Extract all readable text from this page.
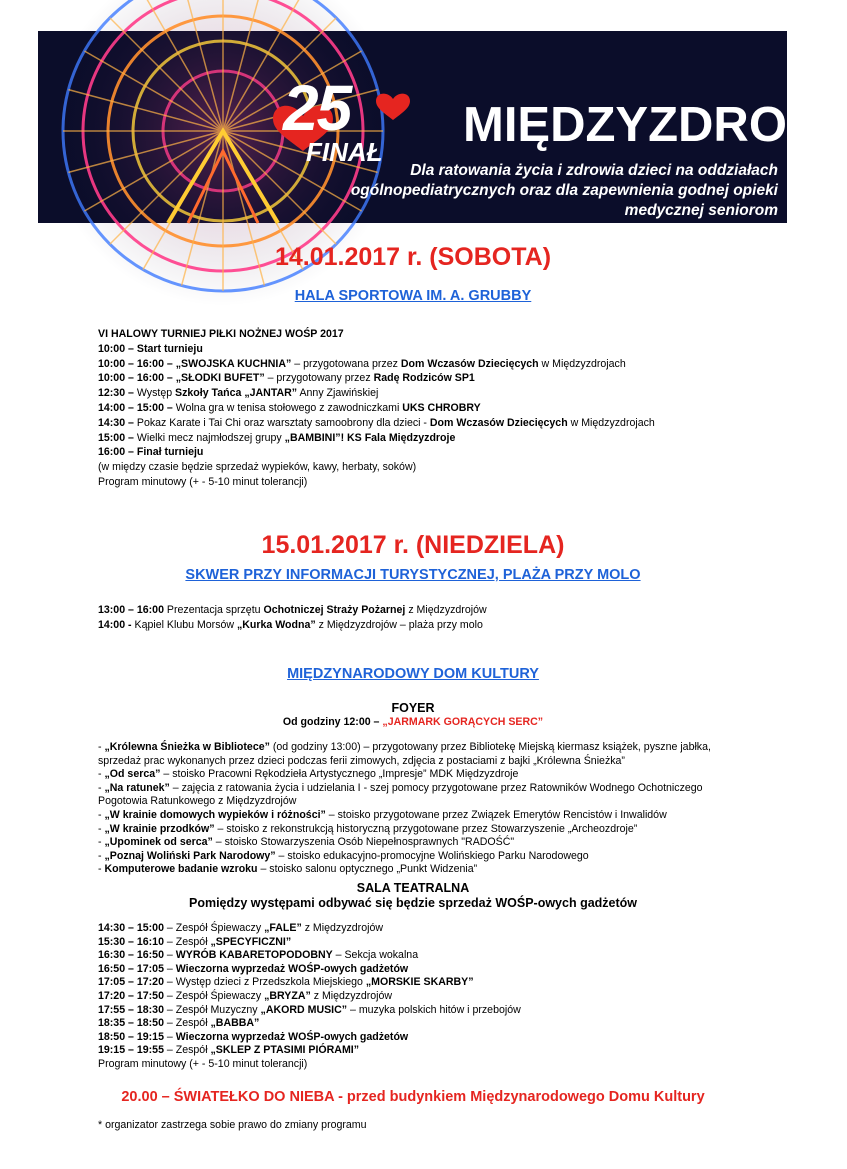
25
FINAŁ MIĘDZYZDROJE
Dla ratowania życia i zdrowia dzieci na oddziałach ogólnopediatrycznych oraz dla zapewnienia godnej opieki medycznej seniorom
14.01.2017 r. (SOBOTA)
HALA SPORTOWA IM. A. GRUBBY
VI HALOWY TURNIEJ PIŁKI NOŻNEJ WOŚP 2017
10:00 – Start turnieju
10:00 – 16:00 – „SWOJSKA KUCHNIA” – przygotowana przez Dom Wczasów Dziecięcych w Międzyzdrojach
10:00 – 16:00 – „SŁODKI BUFET” – przygotowany przez Radę Rodziców SP1
12:30 – Występ Szkoły Tańca „JANTAR” Anny Zjawińskiej
14:00 – 15:00 – Wolna gra w tenisa stołowego z zawodniczkami UKS CHROBRY
14:30 – Pokaz Karate i Tai Chi oraz warsztaty samoobrony dla dzieci - Dom Wczasów Dziecięcych w Międzyzdrojach
15:00 – Wielki mecz najmłodszej grupy „BAMBINI”! KS Fala Międzyzdroje
16:00 – Finał turnieju
(w między czasie będzie sprzedaż wypieków, kawy, herbaty, soków)
Program minutowy (+ - 5-10 minut tolerancji)
15.01.2017 r. (NIEDZIELA)
SKWER PRZY INFORMACJI TURYSTYCZNEJ, PLAŻA PRZY MOLO
13:00 – 16:00 Prezentacja sprzętu Ochotniczej Straży Pożarnej z Międzyzdrojów
14:00 - Kąpiel Klubu Morsów „Kurka Wodna” z Międzyzdrojów – plaża przy molo
MIĘDZYNARODOWY DOM KULTURY
FOYER
Od godziny 12:00 – „JARMARK GORĄCYCH SERC”
- „Królewna Śnieżka w Bibliotece” (od godziny 13:00) – przygotowany przez Bibliotekę Miejską kiermasz książek, pyszne jabłka, sprzedaż prac wykonanych przez dzieci podczas ferii zimowych, zdjęcia z postaciami z bajki „Królewna Śnieżka”
- „Od serca” – stoisko Pracowni Rękodzieła Artystycznego „Impresje” MDK Międzyzdroje
- „Na ratunek” – zajęcia z ratowania życia i udzielania I - szej pomocy przygotowane przez Ratowników Wodnego Ochotniczego Pogotowia Ratunkowego z Międzyzdrojów
- „W krainie domowych wypieków i różności” – stoisko przygotowane przez Związek Emerytów Rencistów i Inwalidów
- „W krainie przodków” – stoisko z rekonstrukcją historyczną przygotowane przez Stowarzyszenie „Archeozdroje”
- „Upominek od serca” – stoisko Stowarzyszenia Osób Niepełnosprawnych "RADOŚĆ"
- „Poznaj Woliński Park Narodowy” – stoisko edukacyjno-promocyjne Wolińskiego Parku Narodowego
- Komputerowe badanie wzroku – stoisko salonu optycznego „Punkt Widzenia”
SALA TEATRALNA
Pomiędzy występami odbywać się będzie sprzedaż WOŚP-owych gadżetów
14:30 – 15:00 – Zespół Śpiewaczy „FALE” z Międzyzdrojów
15:30 – 16:10 – Zespół „SPECYFICZNI”
16:30 – 16:50 – WYRÓB KABARETOPODOBNY – Sekcja wokalna
16:50 – 17:05 – Wieczorna wyprzedaż WOŚP-owych gadżetów
17:05 – 17:20 – Występ dzieci z Przedszkola Miejskiego „MORSKIE SKARBY”
17:20 – 17:50 – Zespół Śpiewaczy „BRYZA” z Międzyzdrojów
17:55 – 18:30 – Zespół Muzyczny „AKORD MUSIC” – muzyka polskich hitów i przebojów
18:35 – 18:50 – Zespół „BABBA”
18:50 – 19:15 – Wieczorna wyprzedaż WOŚP-owych gadżetów
19:15 – 19:55 – Zespół „SKLEP Z PTASIMI PIÓRAMI”
Program minutowy (+ - 5-10 minut tolerancji)
20.00 – ŚWIATEŁKO DO NIEBA - przed budynkiem Międzynarodowego Domu Kultury
* organizator zastrzega sobie prawo do zmiany programu
